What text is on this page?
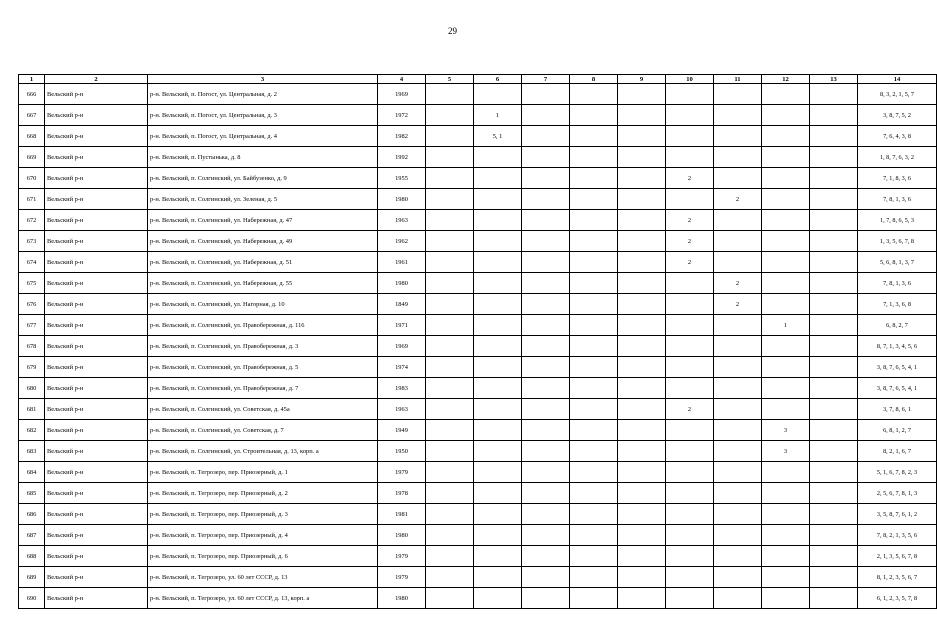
29
1	2	3	4	5	6	7	8	9	10	11	12	13	14
666	Вельский р-н	р-н. Вельский, п. Погост, ул. Центральная, д. 2	1969										8, 3, 2, 1, 5, 7
667	Вельский р-н	р-н. Вельский, п. Погост, ул. Центральная, д. 3	1972		1								3, 8, 7, 5, 2
668	Вельский р-н	р-н. Вельский, п. Погост, ул. Центральная, д. 4	1982		5, 1								7, 6, 4, 3, 8
669	Вельский р-н	р-н. Вельский, п. Пустынька, д. 8	1992										1, 8, 7, 6, 3, 2
670	Вельский р-н	р-н. Вельский, п. Солгинский, ул. Байбузенко, д. 9	1955						2				7, 1, 8, 3, 6
671	Вельский р-н	р-н. Вельский, п. Солгинский, ул. Зеленая, д. 5	1980							2			7, 8, 1, 3, 6
672	Вельский р-н	р-н. Вельский, п. Солгинский, ул. Набережная, д. 47	1963						2				1, 7, 8, 6, 5, 3
673	Вельский р-н	р-н. Вельский, п. Солгинский, ул. Набережная, д. 49	1962						2				1, 3, 5, 6, 7, 8
674	Вельский р-н	р-н. Вельский, п. Солгинский, ул. Набережная, д. 51	1961						2				5, 6, 8, 1, 3, 7
675	Вельский р-н	р-н. Вельский, п. Солгинский, ул. Набережная, д. 55	1980							2			7, 8, 1, 3, 6
676	Вельский р-н	р-н. Вельский, п. Солгинский, ул. Нагорная, д. 10	1849							2			7, 1, 3, 6, 8
677	Вельский р-н	р-н. Вельский, п. Солгинский, ул. Правобережная, д. 116	1971								1		6, 8, 2, 7
678	Вельский р-н	р-н. Вельский, п. Солгинский, ул. Правобережная, д. 3	1969										8, 7, 1, 3, 4, 5, 6
679	Вельский р-н	р-н. Вельский, п. Солгинский, ул. Правобережная, д. 5	1974										3, 8, 7, 6, 5, 4, 1
680	Вельский р-н	р-н. Вельский, п. Солгинский, ул. Правобережная, д. 7	1983										3, 8, 7, 6, 5, 4, 1
681	Вельский р-н	р-н. Вельский, п. Солгинский, ул. Советская, д. 45а	1963						2				3, 7, 8, 6, 1
682	Вельский р-н	р-н. Вельский, п. Солгинский, ул. Советская, д. 7	1949								3		6, 8, 1, 2, 7
683	Вельский р-н	р-н. Вельский, п. Солгинский, ул. Строительная, д. 13, корп. а	1950								3		8, 2, 1, 6, 7
684	Вельский р-н	р-н. Вельский, п. Тегрозеро, пер. Приозерный, д. 1	1979										5, 1, 6, 7, 8, 2, 3
685	Вельский р-н	р-н. Вельский, п. Тегрозеро, пер. Приозерный, д. 2	1978										2, 5, 6, 7, 8, 1, 3
686	Вельский р-н	р-н. Вельский, п. Тегрозеро, пер. Приозерный, д. 3	1981										3, 5, 8, 7, 6, 1, 2
687	Вельский р-н	р-н. Вельский, п. Тегрозеро, пер. Приозерный, д. 4	1980										7, 8, 2, 1, 3, 5, 6
688	Вельский р-н	р-н. Вельский, п. Тегрозеро, пер. Приозерный, д. 6	1979										2, 1, 3, 5, 6, 7, 8
689	Вельский р-н	р-н. Вельский, п. Тегрозеро, ул. 60 лет СССР, д. 13	1979										8, 1, 2, 3, 5, 6, 7
690	Вельский р-н	р-н. Вельский, п. Тегрозеро, ул. 60 лет СССР, д. 13, корп. а	1980										6, 1, 2, 3, 5, 7, 8
